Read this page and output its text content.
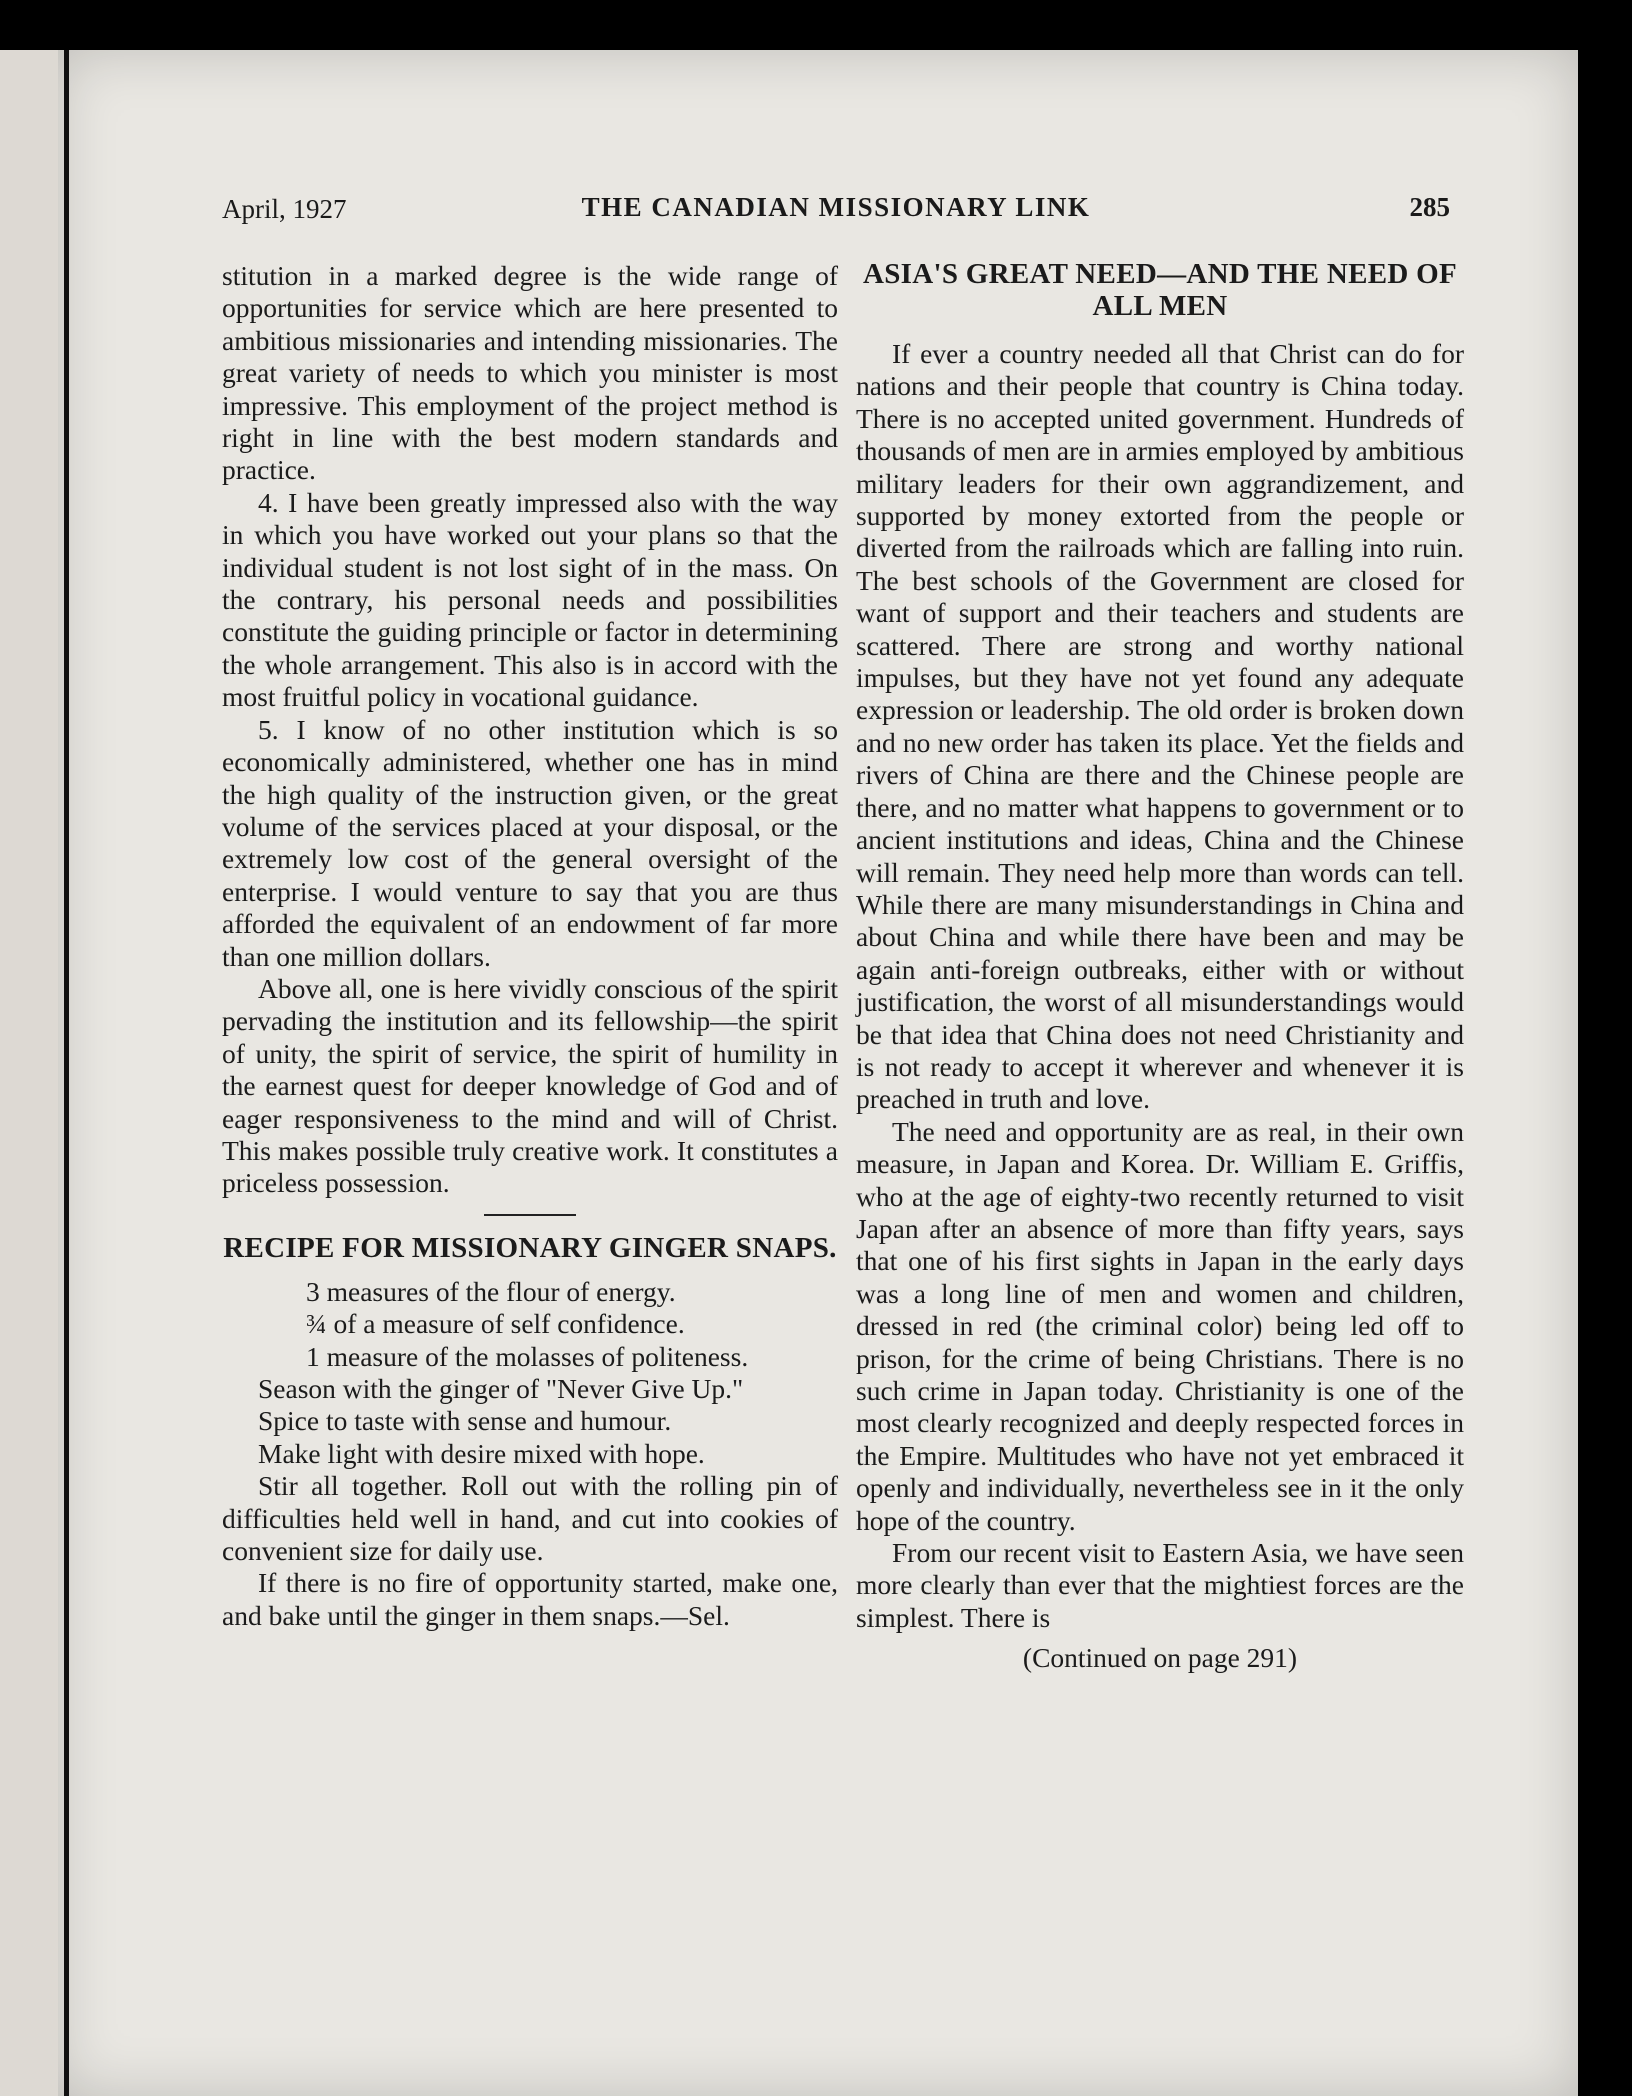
April, 1927	THE CANADIAN MISSIONARY LINK	285

stitution in a marked degree is the wide range of opportunities for service which are here presented to ambitious missionaries and intending missionaries. The great variety of needs to which you minister is most impressive. This employment of the project method is right in line with the best modern standards and practice.

4. I have been greatly impressed also with the way in which you have worked out your plans so that the individual student is not lost sight of in the mass. On the contrary, his personal needs and possibilities constitute the guiding principle or factor in determining the whole arrangement. This also is in accord with the most fruitful policy in vocational guidance.

5. I know of no other institution which is so economically administered, whether one has in mind the high quality of the instruction given, or the great volume of the services placed at your disposal, or the extremely low cost of the general oversight of the enterprise. I would venture to say that you are thus afforded the equivalent of an endowment of far more than one million dollars.

Above all, one is here vividly conscious of the spirit pervading the institution and its fellowship—the spirit of unity, the spirit of service, the spirit of humility in the earnest quest for deeper knowledge of God and of eager responsiveness to the mind and will of Christ. This makes possible truly creative work. It constitutes a priceless possession.

RECIPE FOR MISSIONARY GINGER SNAPS.

3 measures of the flour of energy.

¾ of a measure of self confidence.

1 measure of the molasses of politeness.

Season with the ginger of "Never Give Up."

Spice to taste with sense and humour.

Make light with desire mixed with hope.

Stir all together. Roll out with the rolling pin of difficulties held well in hand, and cut into cookies of convenient size for daily use.

If there is no fire of opportunity started, make one, and bake until the ginger in them snaps.—Sel.

ASIA'S GREAT NEED—AND THE NEED OF ALL MEN

If ever a country needed all that Christ can do for nations and their people that country is China today. There is no accepted united government. Hundreds of thousands of men are in armies employed by ambitious military leaders for their own aggrandizement, and supported by money extorted from the people or diverted from the railroads which are falling into ruin. The best schools of the Government are closed for want of support and their teachers and students are scattered. There are strong and worthy national impulses, but they have not yet found any adequate expression or leadership. The old order is broken down and no new order has taken its place. Yet the fields and rivers of China are there and the Chinese people are there, and no matter what happens to government or to ancient institutions and ideas, China and the Chinese will remain. They need help more than words can tell. While there are many misunderstandings in China and about China and while there have been and may be again anti-foreign outbreaks, either with or without justification, the worst of all misunderstandings would be that idea that China does not need Christianity and is not ready to accept it wherever and whenever it is preached in truth and love.

The need and opportunity are as real, in their own measure, in Japan and Korea. Dr. William E. Griffis, who at the age of eighty-two recently returned to visit Japan after an absence of more than fifty years, says that one of his first sights in Japan in the early days was a long line of men and women and children, dressed in red (the criminal color) being led off to prison, for the crime of being Christians. There is no such crime in Japan today. Christianity is one of the most clearly recognized and deeply respected forces in the Empire. Multitudes who have not yet embraced it openly and individually, nevertheless see in it the only hope of the country.

From our recent visit to Eastern Asia, we have seen more clearly than ever that the mightiest forces are the simplest. There is

(Continued on page 291)
